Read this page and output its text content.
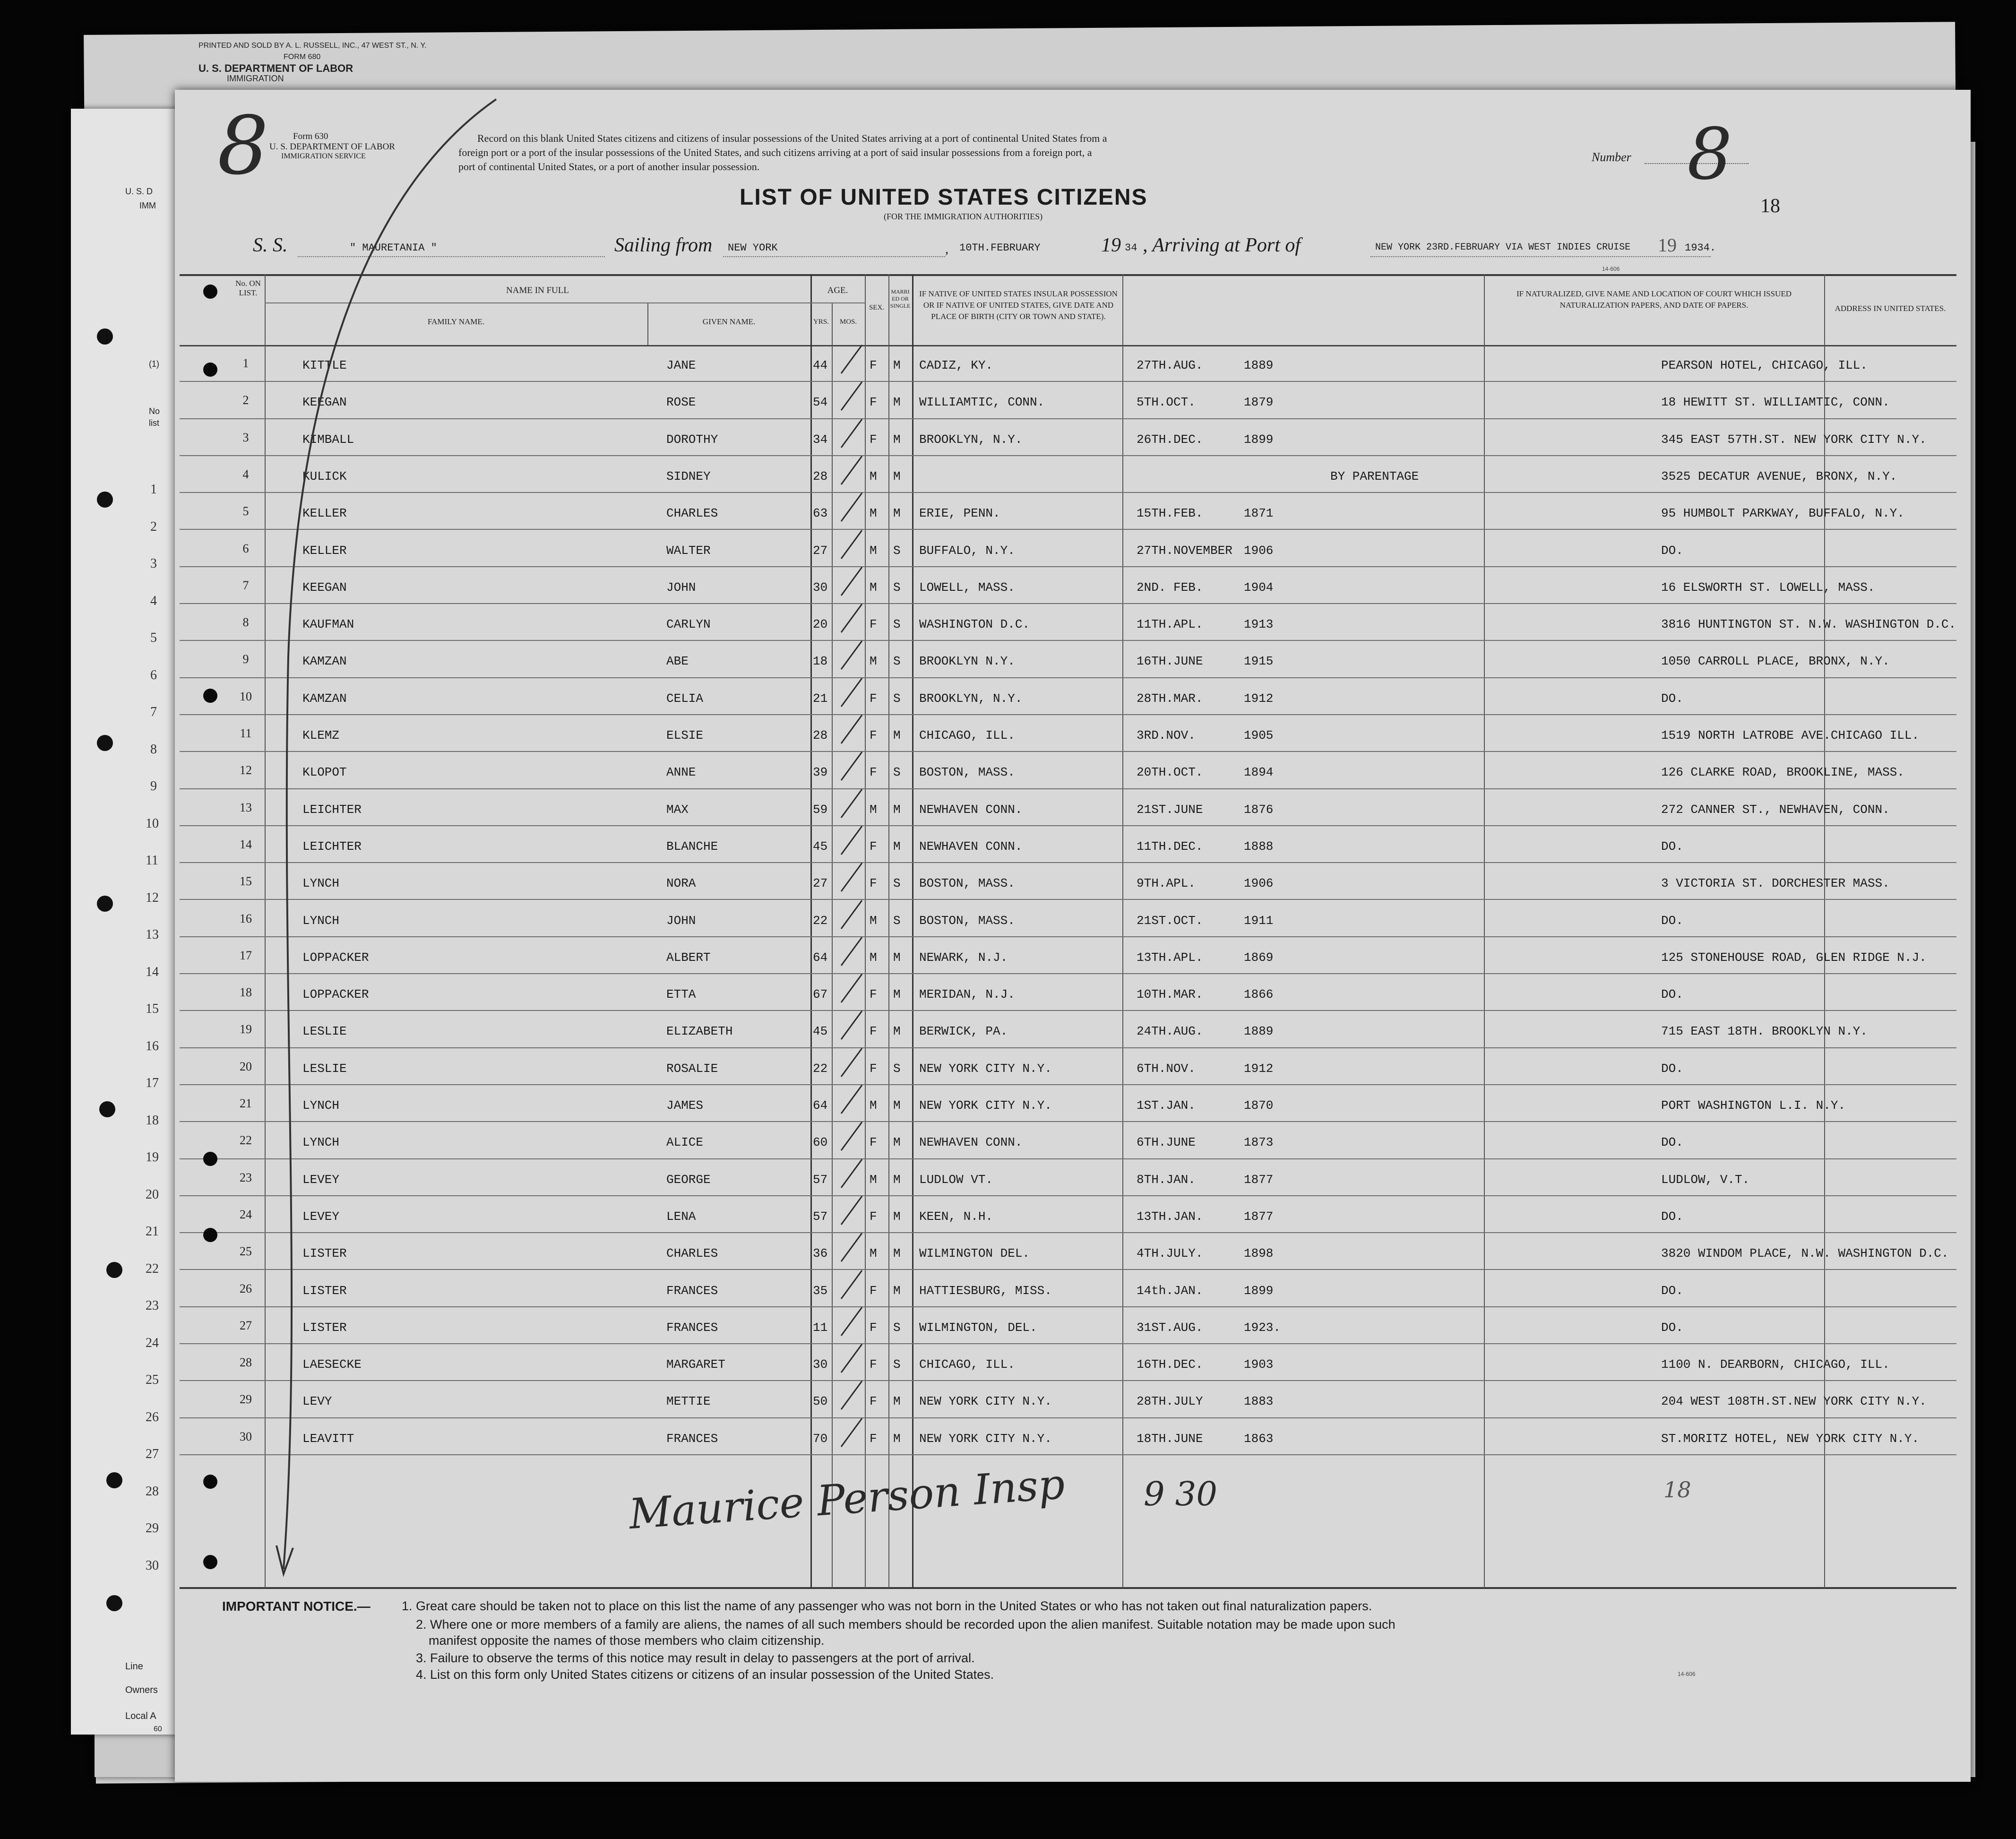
PRINTED AND SOLD BY A. L. RUSSELL, INC., 47 WEST ST., N. Y.
FORM 680
U. S. DEPARTMENT OF LABOR
IMMIGRATION
U. S. D
IMM
(1)
No
list
1
2
3
4
5
6
7
8
9
10
11
12
13
14
15
16
17
18
19
20
21
22
23
24
25
26
27
28
29
30
Line
Owners
Local A
60
8	Form 630
U. S. DEPARTMENT OF LABOR
IMMIGRATION SERVICE
Record on this blank United States citizens and citizens of insular possessions of the United States arriving at a port of continental United States from a
foreign port or a port of the insular possessions of the United States, and such citizens arriving at a port of said insular possessions from a foreign port, a
port of continental United States, or a port of another insular possession.
Number 8
18
LIST OF UNITED STATES CITIZENS
(FOR THE IMMIGRATION AUTHORITIES)
S. S.	" MAURETANIA "	Sailing from NEW YORK	10TH.FEBRUARY
,	19 34 , Arriving at Port of	NEW YORK 23RD.FEBRUARY VIA WEST INDIES CRUISE 19 1934.
14-606
No. ON LIST.	NAME IN FULL
FAMILY NAME.	GIVEN NAME.
AGE.
YRS.	MOS.
SEX.
MARRIED OR SINGLE
IF NATIVE OF UNITED STATES INSULAR POSSESSION OR IF NATIVE OF UNITED STATES, GIVE DATE AND PLACE OF BIRTH (CITY OR TOWN AND STATE).
IF NATURALIZED, GIVE NAME AND LOCATION OF COURT WHICH ISSUED NATURALIZATION PAPERS, AND DATE OF PAPERS.	ADDRESS IN UNITED STATES.
1	KITTLE	JANE	44	F M CADIZ, KY.	27TH.AUG.	1889	PEARSON HOTEL, CHICAGO, ILL.
2	KEEGAN	ROSE	54	F M WILLIAMTIC, CONN.	5TH.OCT.	1879	18 HEWITT ST. WILLIAMTIC, CONN.
3	KIMBALL	DOROTHY	34	F M BROOKLYN, N.Y.	26TH.DEC.	1899	345 EAST 57TH.ST. NEW YORK CITY N.Y.
4	KULICK	SIDNEY	28	M M	BY PARENTAGE	3525 DECATUR AVENUE, BRONX, N.Y.
5	KELLER	CHARLES	63	M M ERIE, PENN.	15TH.FEB.	1871	95 HUMBOLT PARKWAY, BUFFALO, N.Y.
6	KELLER	WALTER	27	M S BUFFALO, N.Y.	27TH.NOVEMBER 1906	DO.
7	KEEGAN	JOHN	30	M S LOWELL, MASS.	2ND. FEB.	1904	16 ELSWORTH ST. LOWELL, MASS.
8	KAUFMAN	CARLYN	20	F S WASHINGTON D.C.	11TH.APL.	1913	3816 HUNTINGTON ST. N.W. WASHINGTON D.C.
9	KAMZAN	ABE	18	M S BROOKLYN N.Y.	16TH.JUNE	1915	1050 CARROLL PLACE, BRONX, N.Y.
10	KAMZAN	CELIA	21	F S BROOKLYN, N.Y.	28TH.MAR.	1912	DO.
11	KLEMZ	ELSIE	28	F M CHICAGO, ILL.	3RD.NOV.	1905	1519 NORTH LATROBE AVE.CHICAGO ILL.
12	KLOPOT	ANNE	39	F S BOSTON, MASS.	20TH.OCT.	1894	126 CLARKE ROAD, BROOKLINE, MASS.
13	LEICHTER	MAX	59	M M NEWHAVEN CONN.	21ST.JUNE	1876	272 CANNER ST., NEWHAVEN, CONN.
14	LEICHTER	BLANCHE	45	F M NEWHAVEN CONN.	11TH.DEC.	1888	DO.
15	LYNCH	NORA	27	F S BOSTON, MASS.	9TH.APL.	1906	3 VICTORIA ST. DORCHESTER MASS.
16	LYNCH	JOHN	22	M S BOSTON, MASS.	21ST.OCT.	1911	DO.
17	LOPPACKER	ALBERT	64	M M NEWARK, N.J.	13TH.APL.	1869	125 STONEHOUSE ROAD, GLEN RIDGE N.J.
18	LOPPACKER	ETTA	67	F M MERIDAN, N.J.	10TH.MAR.	1866	DO.
19	LESLIE	ELIZABETH	45	F M BERWICK, PA.	24TH.AUG.	1889	715 EAST 18TH. BROOKLYN N.Y.
20	LESLIE	ROSALIE	22	F S NEW YORK CITY N.Y.	6TH.NOV.	1912	DO.
21	LYNCH	JAMES	64	M M NEW YORK CITY N.Y.	1ST.JAN.	1870	PORT WASHINGTON L.I. N.Y.
22	LYNCH	ALICE	60	F M NEWHAVEN CONN.	6TH.JUNE	1873	DO.
23	LEVEY	GEORGE	57	M M LUDLOW VT.	8TH.JAN.	1877	LUDLOW, V.T.
24	LEVEY	LENA	57	F M KEEN, N.H.	13TH.JAN.	1877	DO.
25	LISTER	CHARLES	36	M M WILMINGTON DEL.	4TH.JULY.	1898	3820 WINDOM PLACE, N.W. WASHINGTON D.C.
26	LISTER	FRANCES	35	F M HATTIESBURG, MISS.	14th.JAN.	1899	DO.
27	LISTER	FRANCES	11	F S WILMINGTON, DEL.	31ST.AUG.	1923.	DO.
28	LAESECKE	MARGARET	30	F S CHICAGO, ILL.	16TH.DEC.	1903	1100 N. DEARBORN, CHICAGO, ILL.
29	LEVY	METTIE	50	F M NEW YORK CITY N.Y.	28TH.JULY	1883	204 WEST 108TH.ST.NEW YORK CITY N.Y.
30	LEAVITT	FRANCES	70	F M NEW YORK CITY N.Y.	18TH.JUNE	1863	ST.MORITZ HOTEL, NEW YORK CITY N.Y.
Maurice Person Insp 9 30	18
IMPORTANT NOTICE.— 1. Great care should be taken not to place on this list the name of any passenger who was not born in the United States or who has not taken out final naturalization papers.
2. Where one or more members of a family are aliens, the names of all such members should be recorded upon the alien manifest. Suitable notation may be made upon such
manifest opposite the names of those members who claim citizenship.
3. Failure to observe the terms of this notice may result in delay to passengers at the port of arrival.
4. List on this form only United States citizens or citizens of an insular possession of the United States.	14-606
